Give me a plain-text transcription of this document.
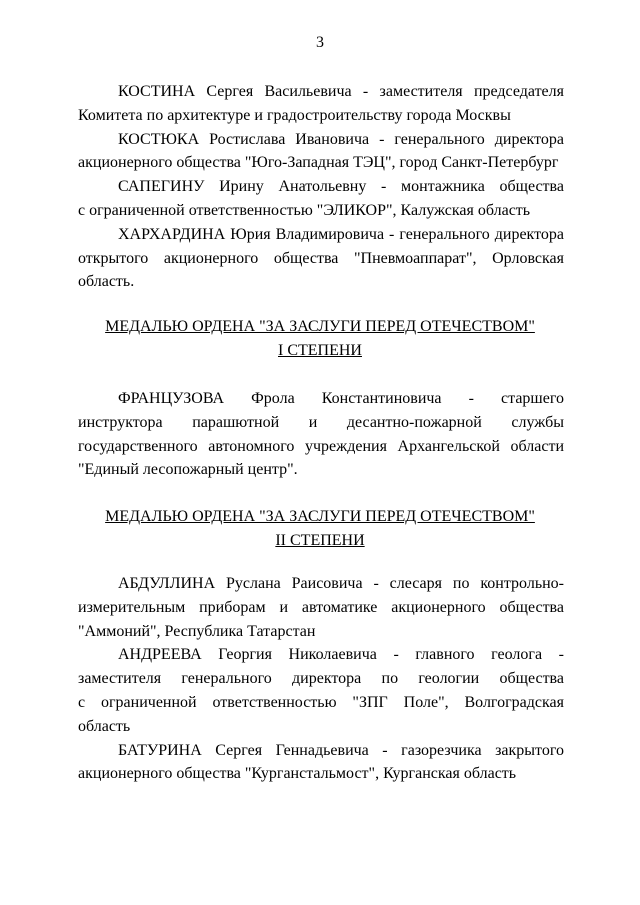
3
КОСТИНА Сергея Васильевича - заместителя председателя
Комитета по архитектуре и градостроительству города Москвы
КОСТЮКА Ростислава Ивановича - генерального директора
акционерного общества "Юго-Западная ТЭЦ", город Санкт-Петербург
САПЕГИНУ Ирину Анатольевну - монтажника общества
с ограниченной ответственностью "ЭЛИКОР", Калужская область
ХАРХАРДИНА Юрия Владимировича - генерального директора
открытого акционерного общества "Пневмоаппарат", Орловская
область.
МЕДАЛЬЮ ОРДЕНА "ЗА ЗАСЛУГИ ПЕРЕД ОТЕЧЕСТВОМ"
I СТЕПЕНИ
ФРАНЦУЗОВА Фрола Константиновича - старшего
инструктора парашютной и десантно-пожарной службы
государственного автономного учреждения Архангельской области
"Единый лесопожарный центр".
МЕДАЛЬЮ ОРДЕНА "ЗА ЗАСЛУГИ ПЕРЕД ОТЕЧЕСТВОМ"
II СТЕПЕНИ
АБДУЛЛИНА Руслана Раисовича - слесаря по контрольно-
измерительным приборам и автоматике акционерного общества
"Аммоний", Республика Татарстан
АНДРЕЕВА Георгия Николаевича - главного геолога -
заместителя генерального директора по геологии общества
с ограниченной ответственностью "ЗПГ Поле", Волгоградская
область
БАТУРИНА Сергея Геннадьевича - газорезчика закрытого
акционерного общества "Курганстальмост", Курганская область
